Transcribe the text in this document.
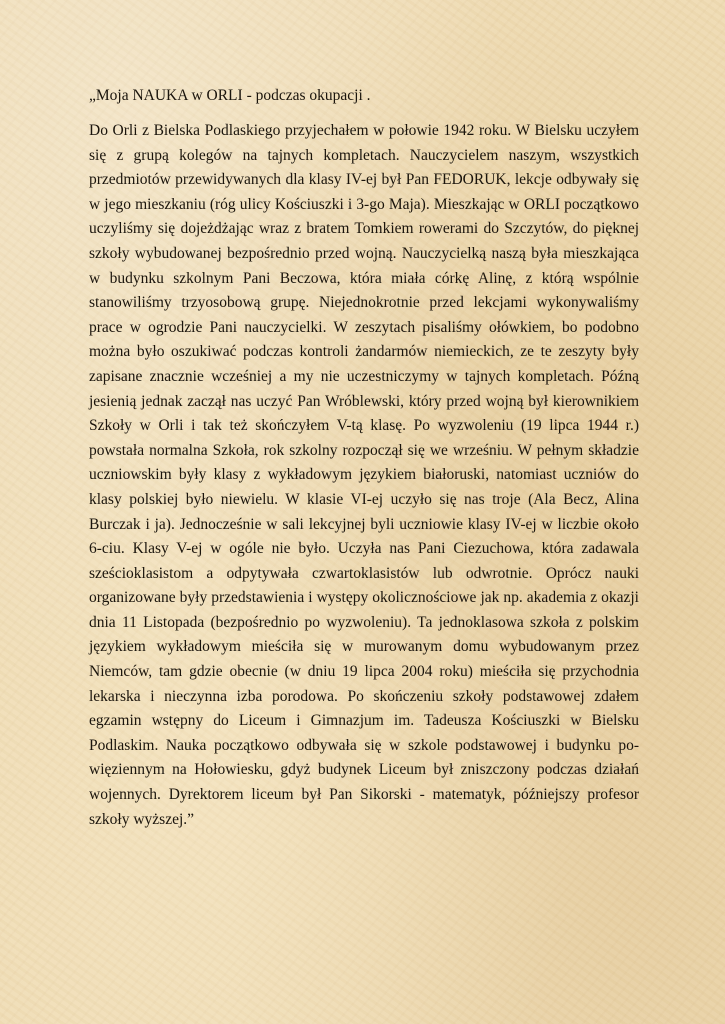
„Moja NAUKA w ORLI - podczas okupacji .

Do Orli z Bielska Podlaskiego przyjechałem w połowie 1942 roku. W Bielsku uczyłem się z grupą kolegów na tajnych kompletach. Nauczycielem naszym, wszystkich przedmiotów przewidywanych dla klasy IV-ej był Pan FEDORUK, lekcje odbywały się w jego mieszkaniu (róg ulicy Kościuszki i 3-go Maja). Mieszkając w ORLI początkowo uczyliśmy się dojeżdżając wraz z bratem Tomkiem rowerami do Szczytów, do pięknej szkoły wybudowanej bezpośrednio przed wojną. Nauczycielką naszą była mieszkająca w budynku szkolnym Pani Beczowa, która miała córkę Alinę, z którą wspólnie stanowiliśmy trzyosobową grupę. Niejednokrotnie przed lekcjami wykonywaliśmy prace w ogrodzie Pani nauczycielki. W zeszytach pisaliśmy ołówkiem, bo podobno można było oszukiwać podczas kontroli żandarmów niemieckich, ze te zeszyty były zapisane znacznie wcześniej a my nie uczestniczymy w tajnych kompletach. Późną jesienią jednak zaczął nas uczyć Pan Wróblewski, który przed wojną był kierownikiem Szkoły w Orli i tak też skończyłem V-tą klasę. Po wyzwoleniu (19 lipca 1944 r.) powstała normalna Szkoła, rok szkolny rozpoczął się we wrześniu. W pełnym składzie uczniowskim były klasy z wykładowym językiem białoruski, natomiast uczniów do klasy polskiej było niewielu. W klasie VI-ej uczyło się nas troje (Ala Becz, Alina Burczak i ja). Jednocześnie w sali lekcyjnej byli uczniowie klasy IV-ej w liczbie około 6-ciu. Klasy V-ej w ogóle nie było. Uczyła nas Pani Ciezuchowa, która zadawala sześcioklasistom a odpytywała czwartoklasistów lub odwrotnie. Oprócz nauki organizowane były przedstawienia i występy okolicznościowe jak np. akademia z okazji dnia 11 Listopada (bezpośrednio po wyzwoleniu). Ta jednoklasowa szkoła z polskim językiem wykładowym mieściła się w murowanym domu wybudowanym przez Niemców, tam gdzie obecnie (w dniu 19 lipca 2004 roku) mieściła się przychodnia lekarska i nieczynna izba porodowa. Po skończeniu szkoły podstawowej zdałem egzamin wstępny do Liceum i Gimnazjum im. Tadeusza Kościuszki w Bielsku Podlaskim. Nauka początkowo odbywała się w szkole podstawowej i budynku po-więziennym na Hołowiesku, gdyż budynek Liceum był zniszczony podczas działań wojennych. Dyrektorem liceum był Pan Sikorski - matematyk, późniejszy profesor szkoły wyższej.”
